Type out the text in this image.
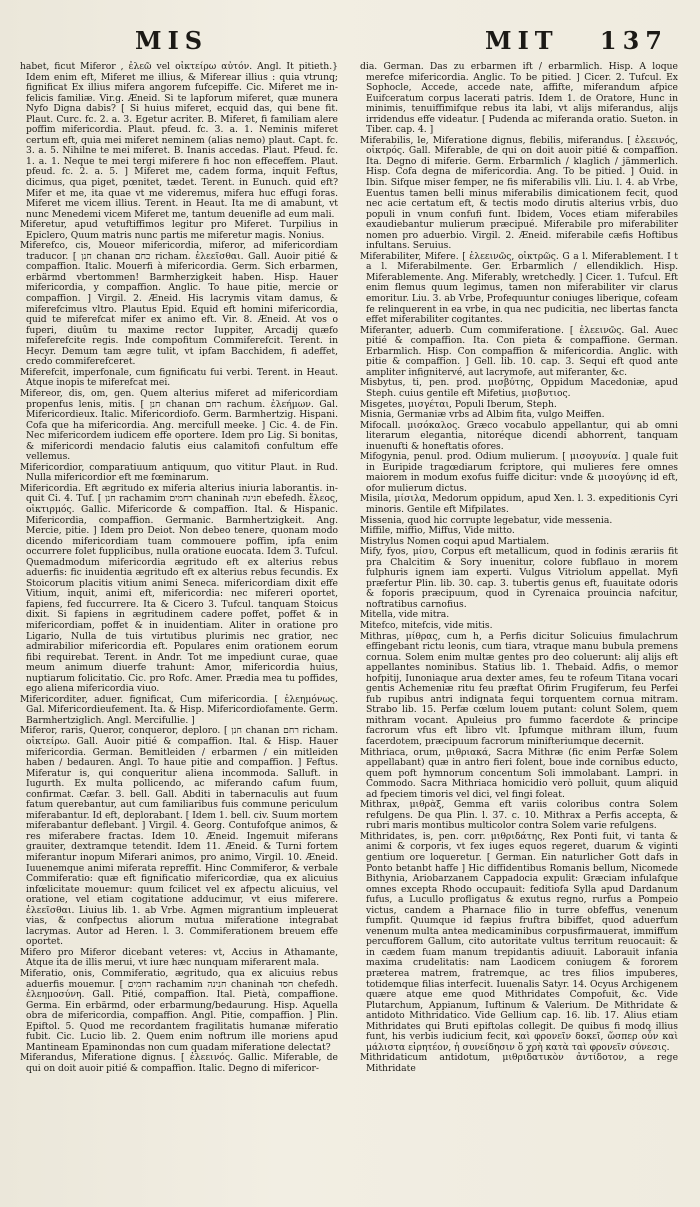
MIS	MIT 137

habet, ficut Miferor , ἐλεῶ vel οἰκτείρω αὐτόν. Angl. It pitieth.} Idem enim eft, Miferet me illius, & Miferear illius : quia vtrunq; fignificat Ex illius mifera angorem fufcepiffe. Cic. Miferet me in-felicis familiæ. Vir.g. Æneid. Si te lapforum miferet, quæ munera Nyfo Digna dabis? [ Si huius miferet, ecquid das, qui bene fit. Plaut. Curc. fc. 2. a. 3. Egetur acriter. B. Miferet, fi familiam alere poffim mifericordia. Plaut. pfeud. fc. 3. a. 1. Neminis miferet certum eft, quia mei miferet neminem (alias nemo) plaut. Capt. fc. 3. a. 5. Nihilne te mei miferet. B. Inanis accedas. Plaut. Pfeud. fc. 1. a. 1. Neque te mei tergi miferere fi hoc non effeceffem. Plaut. pfeud. fc. 2. a. 5. ] Miferet me, cadem forma, inquit Feftus, dicimus, qua piget, pœnitet, tædet. Terent. in Eunuch. quid eft? Mifer et me, ita quae vt me videremus, mifera huc effugi foras. Miferet me vicem illius. Terent. in Heaut. Ita me di amabunt, vt nunc Menedemi vicem Miferet me, tantum deuenifle ad eum mali.

Miferetur, apud vetuftiffimos legitur pro Miferet. Turpilius in Epiclero, Quum matris nunc partis me miferetur magis. Nonius.

Miferefco, cis, Moueor mifericordia, miferor, ad mifericordiam traducor. [ חנן chanan כחם richam. ἐλεεῖσθαι. Gall. Auoir pitié & compaffion. Italic. Mouerfi à mifericordia. Germ. Sich erbarmen, erbärmd vbertommen! Barmherzigkeit haben. Hisp. Hauer mifericordia, y compaffion. Anglic. To haue pitie, mercie or compaffion. ] Virgil. 2. Æneid. His lacrymis vitam damus, & miferefcimus vltro. Plautus Epid. Equid eft homini mifericordia, quid te miferefcat mifer ex animo eft. Vir. 8. Æneid. At vos o fuperi, diuûm tu maxime rector Iuppiter, Arcadij quæfo mifeferefcite regis. Inde compofitum Commiferefcit. Terent. in Hecyr. Demum tam ægre tulit, vt ipfam Bacchidem, fi adeffet, credo commiferefceret.

Miferefcit, imperfonale, cum fignificatu fui verbi. Terent. in Heaut. Atque inopis te miferefcat mei.

Mifereor, dis, om, gen. Quem alterius miferet ad mifericordiam propenfus lenis, mitis. [ חנן chanan רחם rachum. ἐλεήμων. Gal. Mifericordieux. Italic. Mifericordiofo. Germ. Barmhertzig. Hispani. Cofa que ha mifericordia. Ang. mercifull meeke. ] Cic. 4. de Fin. Nec mifericordem iudicem effe oportere. Idem pro Lig. Si bonitas, & mifericordi mendacio falutis eius calamitofi confultum effe vellemus.

Mifericordior, comparatiuum antiquum, quo vititur Plaut. in Rud. Nulla mifericordior eft me fœminarum.

Mifericordia. Eft ægritudo ex miferia alterius iniuria laborantis. in-quit Ci. 4. Tuf. [ חנן rachamim רחמים chaninah חנינה ebefedh. ἔλεος, οἰκτιρμός. Gallic. Mifericorde & compaffion. Ital. & Hispanic. Mifericordia, compaffion. Germanic. Barmhertzigkeit. Ang. Mercie, pitie. ] Idem pro Deiot. Non debeo tenere, quonam modo dicendo mifericordiam tuam commouere poffim, ipfa enim occurrere folet fupplicibus, nulla oratione euocata. Idem 3. Tufcul. Quemadmodum mifericordia ægritudo eft ex alterius rebus aduerfis: fic inuidentia ægritudo eft ex alterius rebus fecundis. Ex Stoicorum placitis vitium animi Seneca. mifericordiam dixit effe Vitium, inquit, animi eft, mifericordia: nec mifereri oportet, fapiens, fed fuccurrere. Ita & Cicero 3. Tufcul. tanquam Stoicus dixit. Si fapiens in ægritudinem cadere poffet, poffet & in mifericordiam, poffet & in inuidentiam. Aliter in oratione pro Ligario, Nulla de tuis virtutibus plurimis nec gratior, nec admirabilior mifericordia eft. Populares enim orationem eorum fibi requirebat. Terent. in Andr. Tot me impediunt curae, quae meum animum diuerfe trahunt: Amor, mifericordia huius, nuptiarum folicitatio. Cic. pro Rofc. Amer. Prædia mea tu poffides, ego aliena mifericordia viuo.

Mifericorditer, aduer. fignificat, Cum mifericordia. [ ἐλεημόνως. Gal. Mifericordieufement. Ita. & Hisp. Mifericordiofamente. Germ. Barmhertziglich. Angl. Mercifullie. ]

Miferor, raris, Queror, conqueror, deploro. [ חנן chanan רחם richam. οἰκτείρω. Gall. Auoir pitié & compaffion. Ital. & Hisp. Hauer mifericordia. German. Bemitleiden / erbarmen / ein mitleiden haben / bedauren. Angl. To haue pitie and compaffion. ] Feftus. Miferatur is, qui conqueritur aliena incommoda. Salluft. in Iugurth. Ex multa pollicendo, ac miferando cafum fuum, confirmat. Cæfar. 3. bell. Gall. Abditi in tabernaculis aut fuum fatum querebantur, aut cum familiaribus fuis commune periculum miferabantur. Id eft, deplorabant. [ Idem 1. bell. civ. Suum mortem miferabantur deflebant. ] Virgil. 4. Georg. Contufofque animos, & res miferabere fractas. Idem 10. Æneid. Ingemuit miferans grauiter, dextramque tetendit. Idem 11. Æneid. & Turni fortem miferantur inopum Miferari animos, pro animo, Virgil. 10. Æneid. Iuuenemque animi miferata repreffit. Hinc Commiferor, & verbale Commiferatio: quæ eft fignificatio mifericordiæ, qua ex alicuius infœlicitate mouemur: quum fcilicet vel ex afpectu alicuius, vel oratione, vel etiam cogitatione adducimur, vt eius miferere. ἐλεεῖσθαι. Liuius lib. 1. ab Vrbe. Agmen migrantium impleuerat vias, & confpectus aliorum mutua miferatione integrabat lacrymas. Autor ad Heren. l. 3. Commiferationem breuem effe oportet.

Mifero pro Miferor dicebant veteres: vt, Accius in Athamante, Atque ita de illis merui, vt iure hæc nunquam miferarent mala.

Miferatio, onis, Commiferatio, ægritudo, qua ex alicuius rebus aduerfis mouemur. [ רחמים rachamim חנינה chaninah חסד chefedh. ἐλεημοσύνη. Gall. Pitié, compaffion. Ital. Pietà, compaffione. Germa. Ein erbärmd, oder erbarmung/bedaurung. Hisp. Aquella obra de mifericordia, compaffion. Angl. Pitie, compaffion. ] Plin. Epiftol. 5. Quod me recordantem fragilitatis humanæ miferatio fubit. Cic. Lucio lib. 2. Quem enim noftrum ille moriens apud Mantineam Epaminondas non cum quadam miferatione delectat?

Miferandus, Miferatione dignus. [ ἐλεεινός. Gallic. Miferable, de qui on doit auoir pitié & compaffion. Italic. Degno di mifericor-

dia. German. Das zu erbarmen ift / erbarmlich. Hisp. A loque merefce mifericordia. Anglic. To be pitied. ] Cicer. 2. Tufcul. Ex Sophocle, Accede, accede nate, affifte, miferandum afpice Euifceratum corpus lacerati patris. Idem 1. de Oratore, Hunc in minimis, tenuiffimifque rebus ita labi, vt alijs miferandus, alijs irridendus effe videatur. [ Pudenda ac miferanda oratio. Sueton. in Tiber. cap. 4. ]

Miferabilis, le, Miferatione dignus, flebilis, miferandus. [ ἐλεεινός, οἰκτρός. Gall. Miferable, de qui on doit auoir pitié & compaffion. Ita. Degno di miferie. Germ. Erbarmlich / klaglich / jämmerlich. Hisp. Cofa degna de mifericordia. Ang. To be pitied. ] Ouid. in Ibin. Sifque miser femper, ne fis miferabilis vlli. Liu. l. 4. ab Vrbe, Euentus tamen belli minus miferabilis dimicationem fecit, quod nec acie certatum eft, & tectis modo dirutis alterius vrbis, duo populi in vnum confufi funt. Ibidem, Voces etiam miferabiles exaudiebantur mulierum præcipué. Miferabile pro miferabiliter nomen pro aduerbio. Virgil. 2. Æneid. miferabile cæfis Hoftibus infultans. Seruius.

Miferabiliter, Mifere. [ ἐλεεινῶς, οἰκτρῶς. G a l. Miferablement. I t a l. Miferabilmente. Ger. Erbarmlich / ellendiklich. Hisp. Miferablemente. Ang. Miferably, wretchedly. ] Cicer. 1. Tufcul. Eft enim flemus quum legimus, tamen non miferabiliter vir clarus emoritur. Liu. 3. ab Vrbe, Profequuntur coniuges liberique, cofeam fe relinquerent in ea vrbe, in qua nec pudicitia, nec libertas fancta effet miferabiliter cogitantes.

Miferanter, aduerb. Cum commiferatione. [ ἐλεεινῶς. Gal. Auec pitié & compaffion. Ita. Con pieta & compaffione. German. Erbarmlich. Hisp. Con compaffion & mifericordia. Anglic. with pitie & compaffion. ] Gell. lib. 10. cap. 3. Sequi eft quod ante ampliter infignitervé, aut lacrymofe, aut miferanter, &c.

Misbytus, ti, pen. prod. μισβύτης, Oppidum Macedoniæ, apud Steph. cuius gentile eft Mifetius, μισβυτιος.

Misgetes, μισγέται, Populi Iberum, Steph.

Misnia, Germaniæ vrbs ad Albim fita, vulgo Meiffen.

Mifocall. μισόκαλος. Græco vocabulo appellantur, qui ab omni literarum elegantia, nitoréque dicendi abhorrent, tanquam inuenufti & honeftatis ofores.

Mifogynia, penul. prod. Odium mulierum. [ μισογυνία. ] quale fuit in Euripide tragœdiarum fcriptore, qui mulieres fere omnes maiorem in modum exofus fuiffe dicitur: vnde & μισογύνης id eft, ofor mulierum dictus.

Misila, μίσιλα, Medorum oppidum, apud Xen. l. 3. expeditionis Cyri minoris. Gentile eft Mifpilates.

Missenia, quod hic corrupte legebatur, vide messenia.

Miffile, miffio, Miffus, Vide mitto.

Mistrylus Nomen coqui apud Martialem.

Mify, fyos, μίσυ, Corpus eft metallicum, quod in fodinis ærariis fit pra Chalcitim & Sory inuenitur, colore fubflauo in morem fulphuris ignem iam experti. Vulgus Vitriolum appellat. Myfi præfertur Plin. lib. 30. cap. 3. tubertis genus eft, fuauitate odoris & foporis præcipuum, quod in Cyrenaica prouincia nafcitur, noftratibus carnofius.

Mitella, vide mitra.

Mitefco, mitefcis, vide mitis.

Mithras, μίθρας, cum h, a Perfis dicitur Solicuius fimulachrum effingebant rictu leonis, cum tiara, vtraque manu bubula premens cornua. Solem enim multæ gentes pro deo coluerunt: alij alijs eft appellantes nominibus. Statius lib. 1. Thebaid. Adfis, o memor hofpitij, Iunoniaque arua dexter ames, feu te rofeum Titana vocari gentis Achemeniæ ritu feu præftat Ofirim Frugiferum, feu Perfei fub rupibus antri indignata fequi torquentem cornua mitram. Strabo lib. 15. Perfæ cœlum louem putant: colunt Solem, quem mithram vocant. Apuleius pro fummo facerdote & principe facrorum vfus eft libro vlt. Ipfumque mithram illum, fuum facerdotem, præcipuum facrorum minifteriumque decernit.

Mithriaca, orum, μιθριακά, Sacra Mithræ (fic enim Perfæ Solem appellabant) quæ in antro fieri folent, boue inde cornibus educto, quem poft hymnorum concentum Soli immolabant. Lampri. in Commodo. Sacra Mithriaca homicidio verò polluit, quum aliquid ad fpeciem timoris vel dici, vel fingi foleat.

Mithrax, μιθρὰξ, Gemma eft variis coloribus contra Solem refulgens. De qua Plin. l. 37. c. 10. Mithrax a Perfis accepta, & rubri maris montibus multicolor contra Solem varie refulgens.

Mithridates, is, pen. corr. μιθριδάτης, Rex Ponti fuit, vi tanta & animi & corporis, vt fex iuges equos regeret, duarum & viginti gentium ore loqueretur. [ German. Ein naturlicher Gott dafs in Ponto betanbt haffe ] Hic diffidentibus Romanis bellum, Nicomede Bithynia, Ariobarzanem Cappadocia expulit: Græciam infulafque omnes excepta Rhodo occupauit: feditiofa Sylla apud Dardanum fufus, a Lucullo profligatus & exutus regno, rurfus a Pompeio victus, candem a Pharnace filio in turre obfeffus, venenum fumpfit. Quumque id fæpius fruftra bibiffet, quod aduerfum venenum multa antea medicaminibus corpusfirmauerat, immiffum percufforem Gallum, cito autoritate vultus territum reuocauit: & in cædem fuam manum trepidantis adiuuit. Laborauit infania maxima crudelitatis: nam Laodicem coniugem & fororem præterea matrem, fratremque, ac tres filios impuberes, totidemque filias interfecit. Iuuenalis Satyr. 14. Ocyus Archigenem quære atque eme quod Mithridates Compofuit, &c. Vide Plutarchum, Appianum, Iuftinum & Valerium. De Mithridate & antidoto Mithridatico. Vide Gellium cap. 16. lib. 17. Alius etiam Mithridates qui Bruti epiftolas collegit. De quibus fi modo illius funt, his verbis iudicium fecit, καὶ φρονεῖν δοκεῖ, ὥσπερ οὖν καὶ μάλιστα εἰρητέον, ἡ συνείδησιν ὅ χρὴ κατὰ ταὶ φρονεῖν σύνεσις.

Mithridaticum antidotum, μιθριδατικὸν ἀντίδοτον, a rege Mithridate
